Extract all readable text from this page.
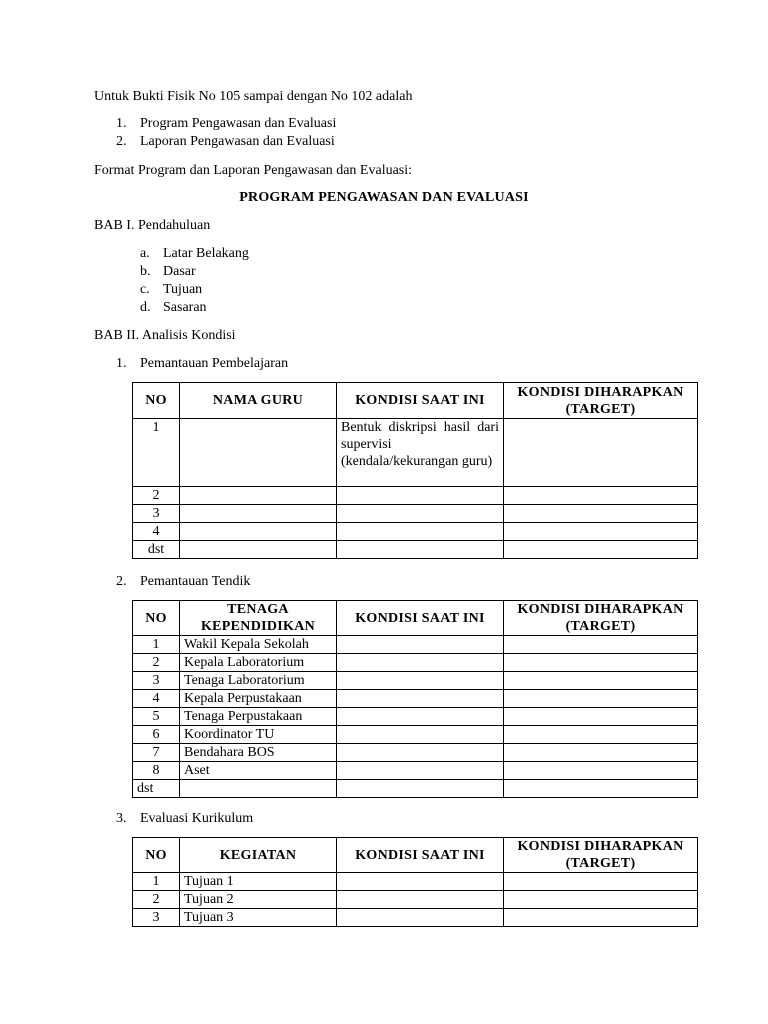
Untuk Bukti Fisik No 105 sampai dengan No 102 adalah
1. Program Pengawasan dan Evaluasi
2. Laporan Pengawasan dan Evaluasi
Format Program dan Laporan Pengawasan dan Evaluasi:
PROGRAM PENGAWASAN DAN EVALUASI
BAB I. Pendahuluan
a. Latar Belakang
b. Dasar
c. Tujuan
d. Sasaran
BAB II. Analisis Kondisi
1. Pemantauan Pembelajaran
NO	NAMA GURU	KONDISI SAAT INI	KONDISI DIHARAPKAN (TARGET)
1		Bentuk diskripsi hasil dari supervisi (kendala/kekurangan guru)	
2			
3			
4			
dst			
2. Pemantauan Tendik
NO	TENAGA KEPENDIDIKAN	KONDISI SAAT INI	KONDISI DIHARAPKAN (TARGET)
1	Wakil Kepala Sekolah		
2	Kepala Laboratorium		
3	Tenaga Laboratorium		
4	Kepala Perpustakaan		
5	Tenaga Perpustakaan		
6	Koordinator TU		
7	Bendahara BOS		
8	Aset		
dst			
3. Evaluasi Kurikulum
NO	KEGIATAN	KONDISI SAAT INI	KONDISI DIHARAPKAN (TARGET)
1	Tujuan 1		
2	Tujuan 2		
3	Tujuan 3		
